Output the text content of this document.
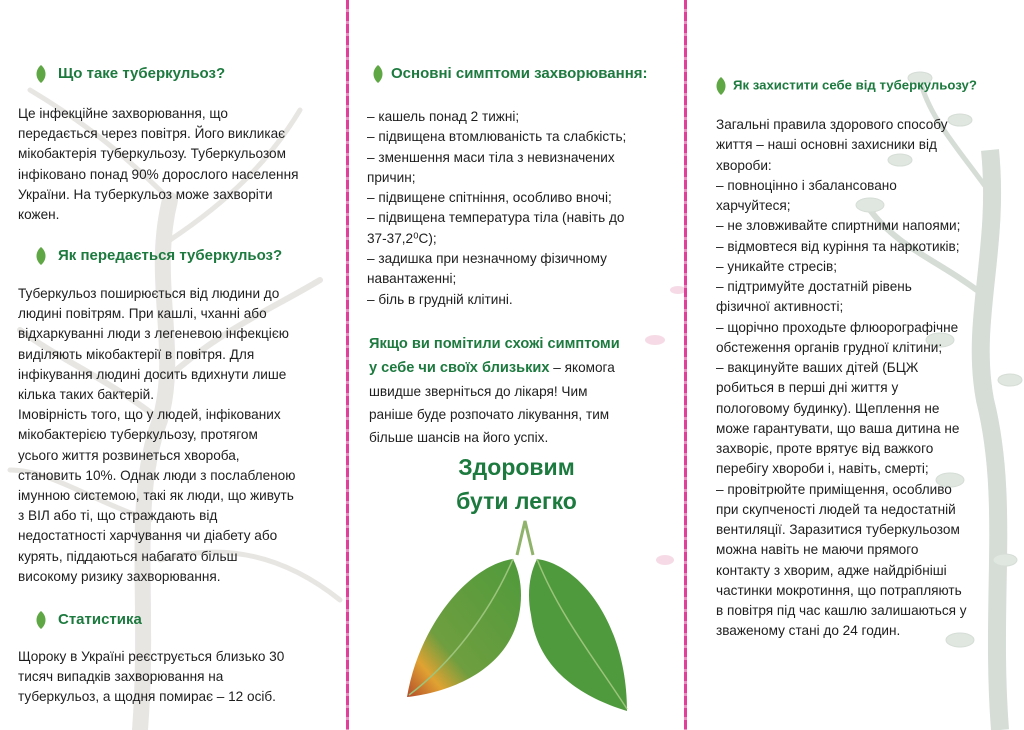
Що таке туберкульоз?
Це інфекційне захворювання, що
передається через повітря. Його викликає
мікобактерія туберкульозу. Туберкульозом
інфіковано понад 90% дорослого населення
України. На туберкульоз може захворіти
кожен.
Як передається туберкульоз?
Туберкульоз поширюється від людини до
людині повітрям. При кашлі, чханні або
відхаркуванні люди з легеневою інфекцією
виділяють мікобактерії в повітря. Для
інфікування людині досить вдихнути лише
кілька таких бактерій.
Імовірність того, що у людей, інфікованих
мікобактерією туберкульозу, протягом
усього життя розвинеться хвороба,
становить 10%. Однак люди з послабленою
імунною системою, такі як люди, що живуть
з ВІЛ або ті, що страждають від
недостатності харчування чи діабету або
курять, піддаються набагато більш
високому ризику захворювання.
Статистика
Щороку в Україні реєструється близько 30
тисяч випадків захворювання на
туберкульоз, а щодня помирає – 12 осіб.
Основні симптоми захворювання:
– кашель понад 2 тижні;
– підвищена втомлюваність та слабкість;
– зменшення маси тіла з невизначених
причин;
– підвищене спітніння, особливо вночі;
– підвищена температура тіла (навіть до
37-37,2⁰С);
– задишка при незначному фізичному
навантаженні;
– біль в грудній клітині.
Якщо ви помітили схожі симптоми
у себе чи своїх близьких – якомога
швидше зверніться до лікаря! Чим
раніше буде розпочато лікування, тим
більше шансів на його успіх.
Здоровим
бути легко
Як захистити себе від туберкульозу?
Загальні правила здорового способу
життя – наші основні захисники від
хвороби:
– повноцінно і збалансовано
харчуйтеся;
– не зловживайте спиртними напоями;
– відмовтеся від куріння та наркотиків;
– уникайте стресів;
– підтримуйте достатній рівень
фізичної активності;
– щорічно проходьте флюорографічне
обстеження органів грудної клітини;
– вакцинуйте ваших дітей (БЦЖ
робиться в перші дні життя у
пологовому будинку). Щеплення не
може гарантувати, що ваша дитина не
захворіє, проте врятує від важкого
перебігу хвороби і, навіть, смерті;
– провітрюйте приміщення, особливо
при скупченості людей та недостатній
вентиляції. Заразитися туберкульозом
можна навіть не маючи прямого
контакту з хворим, адже найдрібніші
частинки мокротиння, що потрапляють
в повітря під час кашлю залишаються у
зваженому стані до 24 годин.
